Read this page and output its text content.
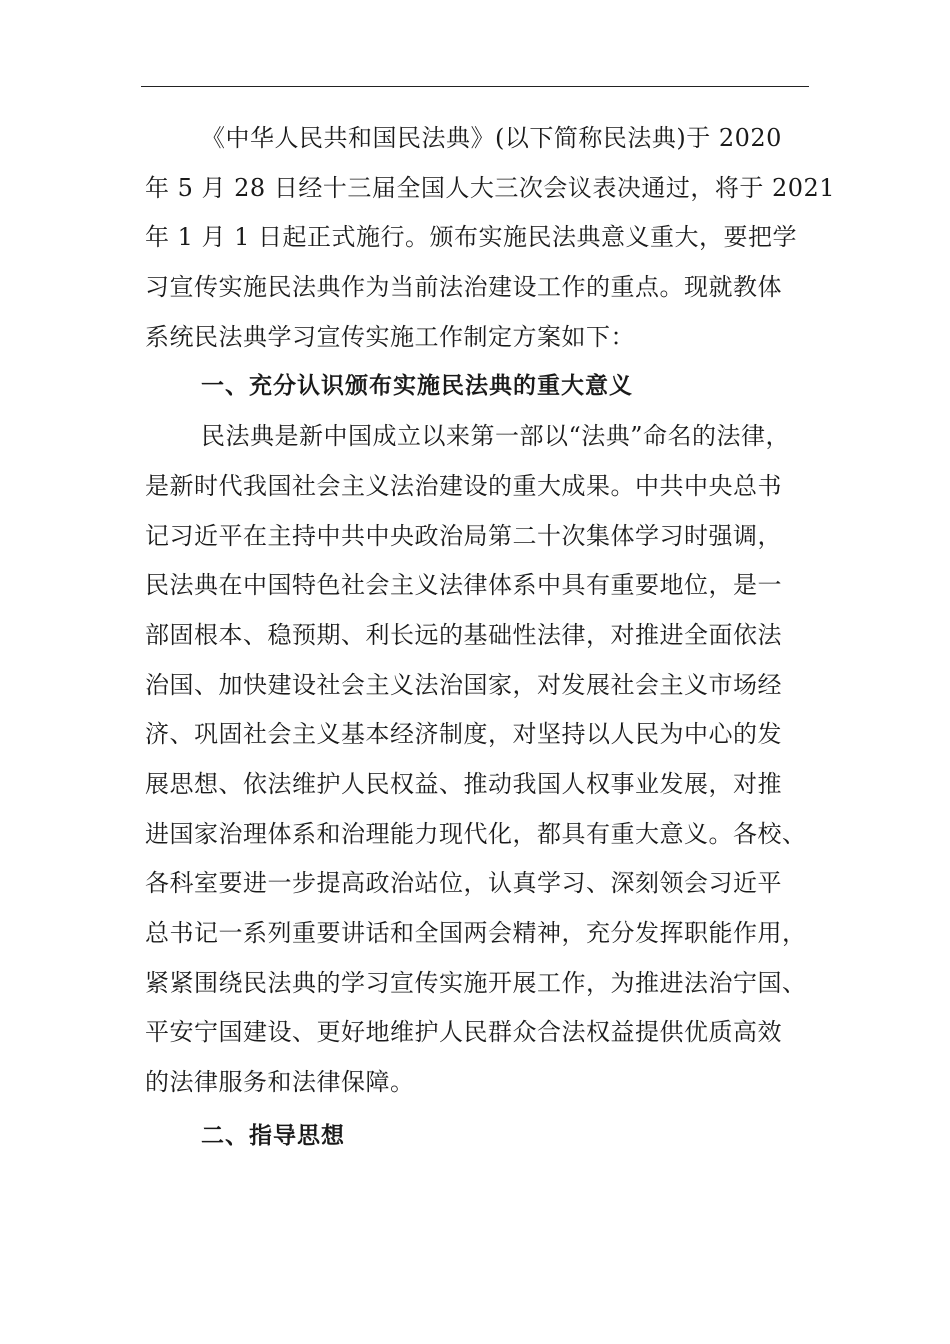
《中华人民共和国民法典》(以下简称民法典)于 2020
年 5 月 28 日经十三届全国人大三次会议表决通过，将于 2021
年 1 月 1 日起正式施行。颁布实施民法典意义重大，要把学
习宣传实施民法典作为当前法治建设工作的重点。现就教体
系统民法典学习宣传实施工作制定方案如下：
一、充分认识颁布实施民法典的重大意义
民法典是新中国成立以来第一部以“法典”命名的法律，
是新时代我国社会主义法治建设的重大成果。中共中央总书
记习近平在主持中共中央政治局第二十次集体学习时强调，
民法典在中国特色社会主义法律体系中具有重要地位，是一
部固根本、稳预期、利长远的基础性法律，对推进全面依法
治国、加快建设社会主义法治国家，对发展社会主义市场经
济、巩固社会主义基本经济制度，对坚持以人民为中心的发
展思想、依法维护人民权益、推动我国人权事业发展，对推
进国家治理体系和治理能力现代化，都具有重大意义。各校、
各科室要进一步提高政治站位，认真学习、深刻领会习近平
总书记一系列重要讲话和全国两会精神，充分发挥职能作用，
紧紧围绕民法典的学习宣传实施开展工作，为推进法治宁国、
平安宁国建设、更好地维护人民群众合法权益提供优质高效
的法律服务和法律保障。
二、指导思想
